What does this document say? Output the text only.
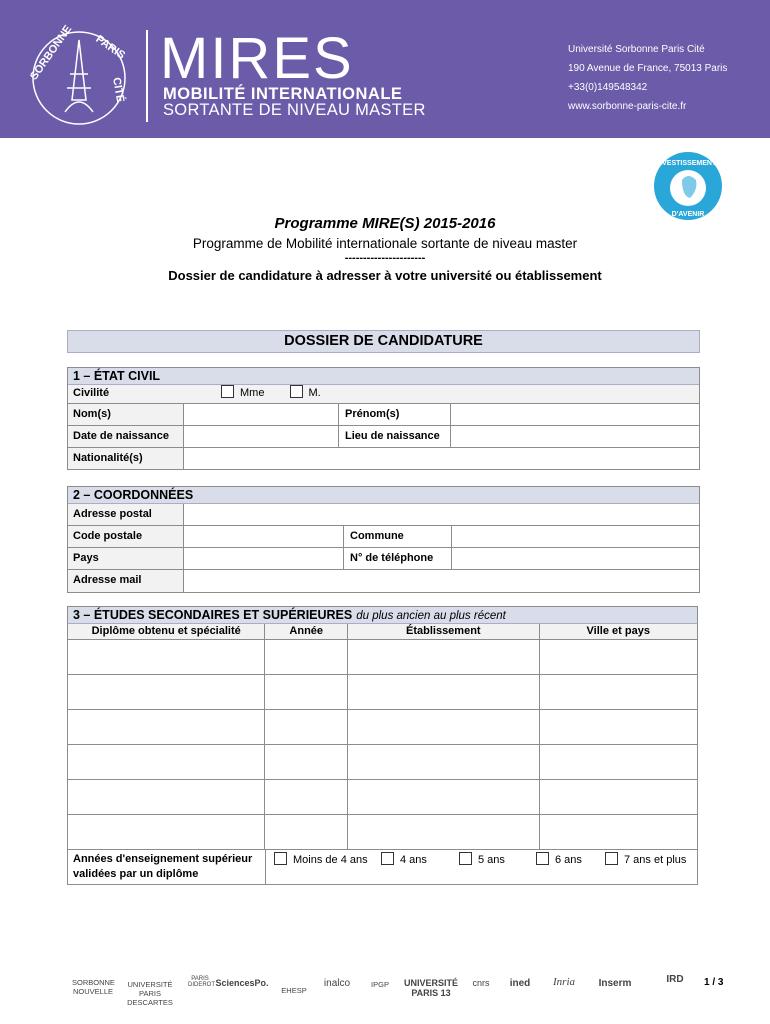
SORBONNE PARIS
CITÉ MIRES
MOBILITÉ INTERNATIONALE
SORTANTE DE NIVEAU MASTER
Université Sorbonne Paris Cité
190 Avenue de France, 75013 Paris
+33(0)149548342
www.sorbonne-paris-cite.fr
INVESTISSEMENTS
D'AVENIR
Programme MIRE(S) 2015-2016
Programme de Mobilité internationale sortante de niveau master
----------------------
Dossier de candidature à adresser à votre université ou établissement
DOSSIER DE CANDIDATURE
1 – ÉTAT CIVIL
Civilité	Mme	M.
Nom(s)	Prénom(s)
Date de naissance	Lieu de naissance
Nationalité(s)
2 – COORDONNÉES
Adresse postal
Code postale	Commune
Pays	N° de téléphone
Adresse mail
3 – ÉTUDES SECONDAIRES ET SUPÉRIEURES du plus ancien au plus récent
Diplôme obtenu et spécialité	Année	Établissement	Ville et pays
Années d'enseignement supérieur validées par un diplôme
Moins de 4 ans	4 ans	5 ans	6 ans	7 ans et plus
SORBONNE NOUVELLE
UNIVERSITÉ PARIS DESCARTES
PARIS DIDEROT SciencesPo.
EHESP
inalco	IPGP	UNIVERSITÉ PARIS 13
cnrs	ined	Inria	Inserm	IRD	1 / 3
